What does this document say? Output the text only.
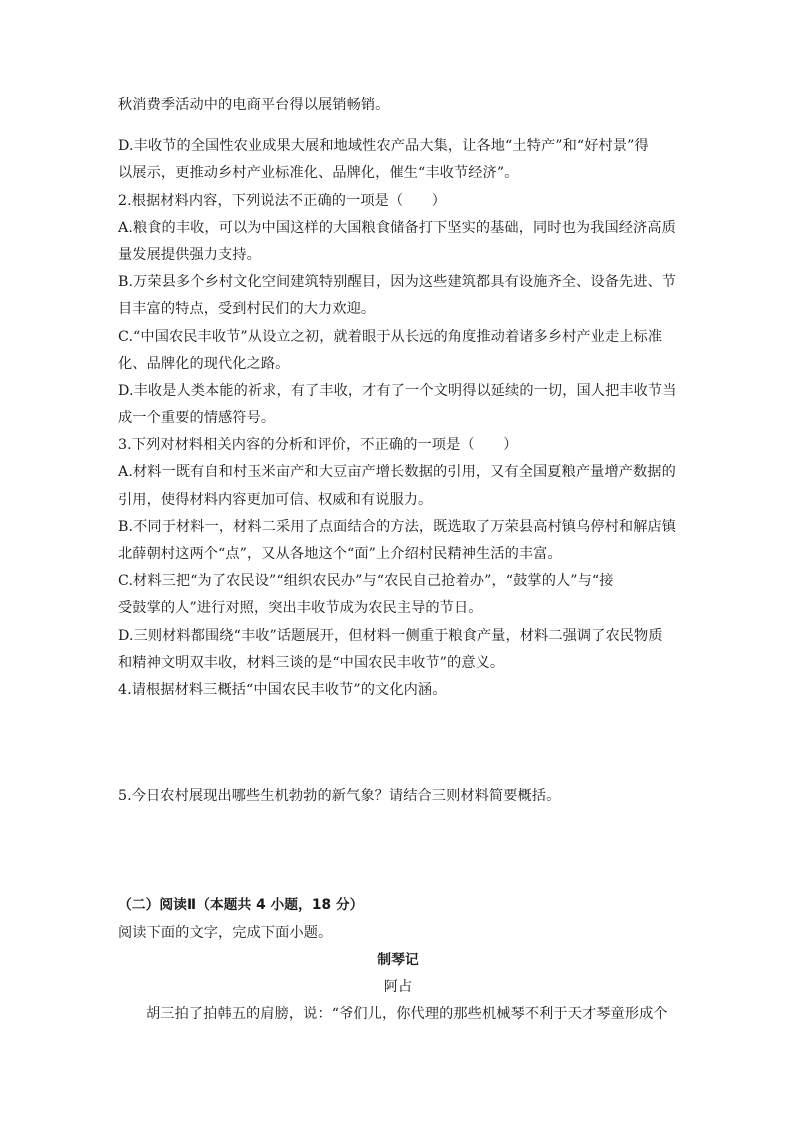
秋消费季活动中的电商平台得以展销畅销。
D.丰收节的全国性农业成果大展和地域性农产品大集，让各地“土特产”和“好村景”得
以展示，更推动乡村产业标准化、品牌化，催生“丰收节经济”。
2.根据材料内容，下列说法不正确的一项是（　　）
A.粮食的丰收，可以为中国这样的大国粮食储备打下坚实的基础，同时也为我国经济高质
量发展提供强力支持。
B.万荣县多个乡村文化空间建筑特别醒目，因为这些建筑都具有设施齐全、设备先进、节
目丰富的特点，受到村民们的大力欢迎。
C.“中国农民丰收节”从设立之初，就着眼于从长远的角度推动着诸多乡村产业走上标准
化、品牌化的现代化之路。
D.丰收是人类本能的祈求，有了丰收，才有了一个文明得以延续的一切，国人把丰收节当
成一个重要的情感符号。
3.下列对材料相关内容的分析和评价，不正确的一项是（　　）
A.材料一既有自和村玉米亩产和大豆亩产增长数据的引用，又有全国夏粮产量增产数据的
引用，使得材料内容更加可信、权威和有说服力。
B.不同于材料一，材料二采用了点面结合的方法，既选取了万荣县高村镇乌停村和解店镇
北薛朝村这两个“点”，又从各地这个“面”上介绍村民精神生活的丰富。
C.材料三把“为了农民设”“组织农民办”与“农民自己抢着办”，“鼓掌的人”与“接
受鼓掌的人”进行对照，突出丰收节成为农民主导的节日。
D.三则材料都围绕“丰收”话题展开，但材料一侧重于粮食产量，材料二强调了农民物质
和精神文明双丰收，材料三谈的是“中国农民丰收节”的意义。
4.请根据材料三概括“中国农民丰收节”的文化内涵。
5.今日农村展现出哪些生机勃勃的新气象？请结合三则材料简要概括。
（二）阅读Ⅱ（本题共 4 小题，18 分）
阅读下面的文字，完成下面小题。
制琴记
阿占
胡三拍了拍韩五的肩膀，说：“爷们儿，你代理的那些机械琴不利于天才琴童形成个
